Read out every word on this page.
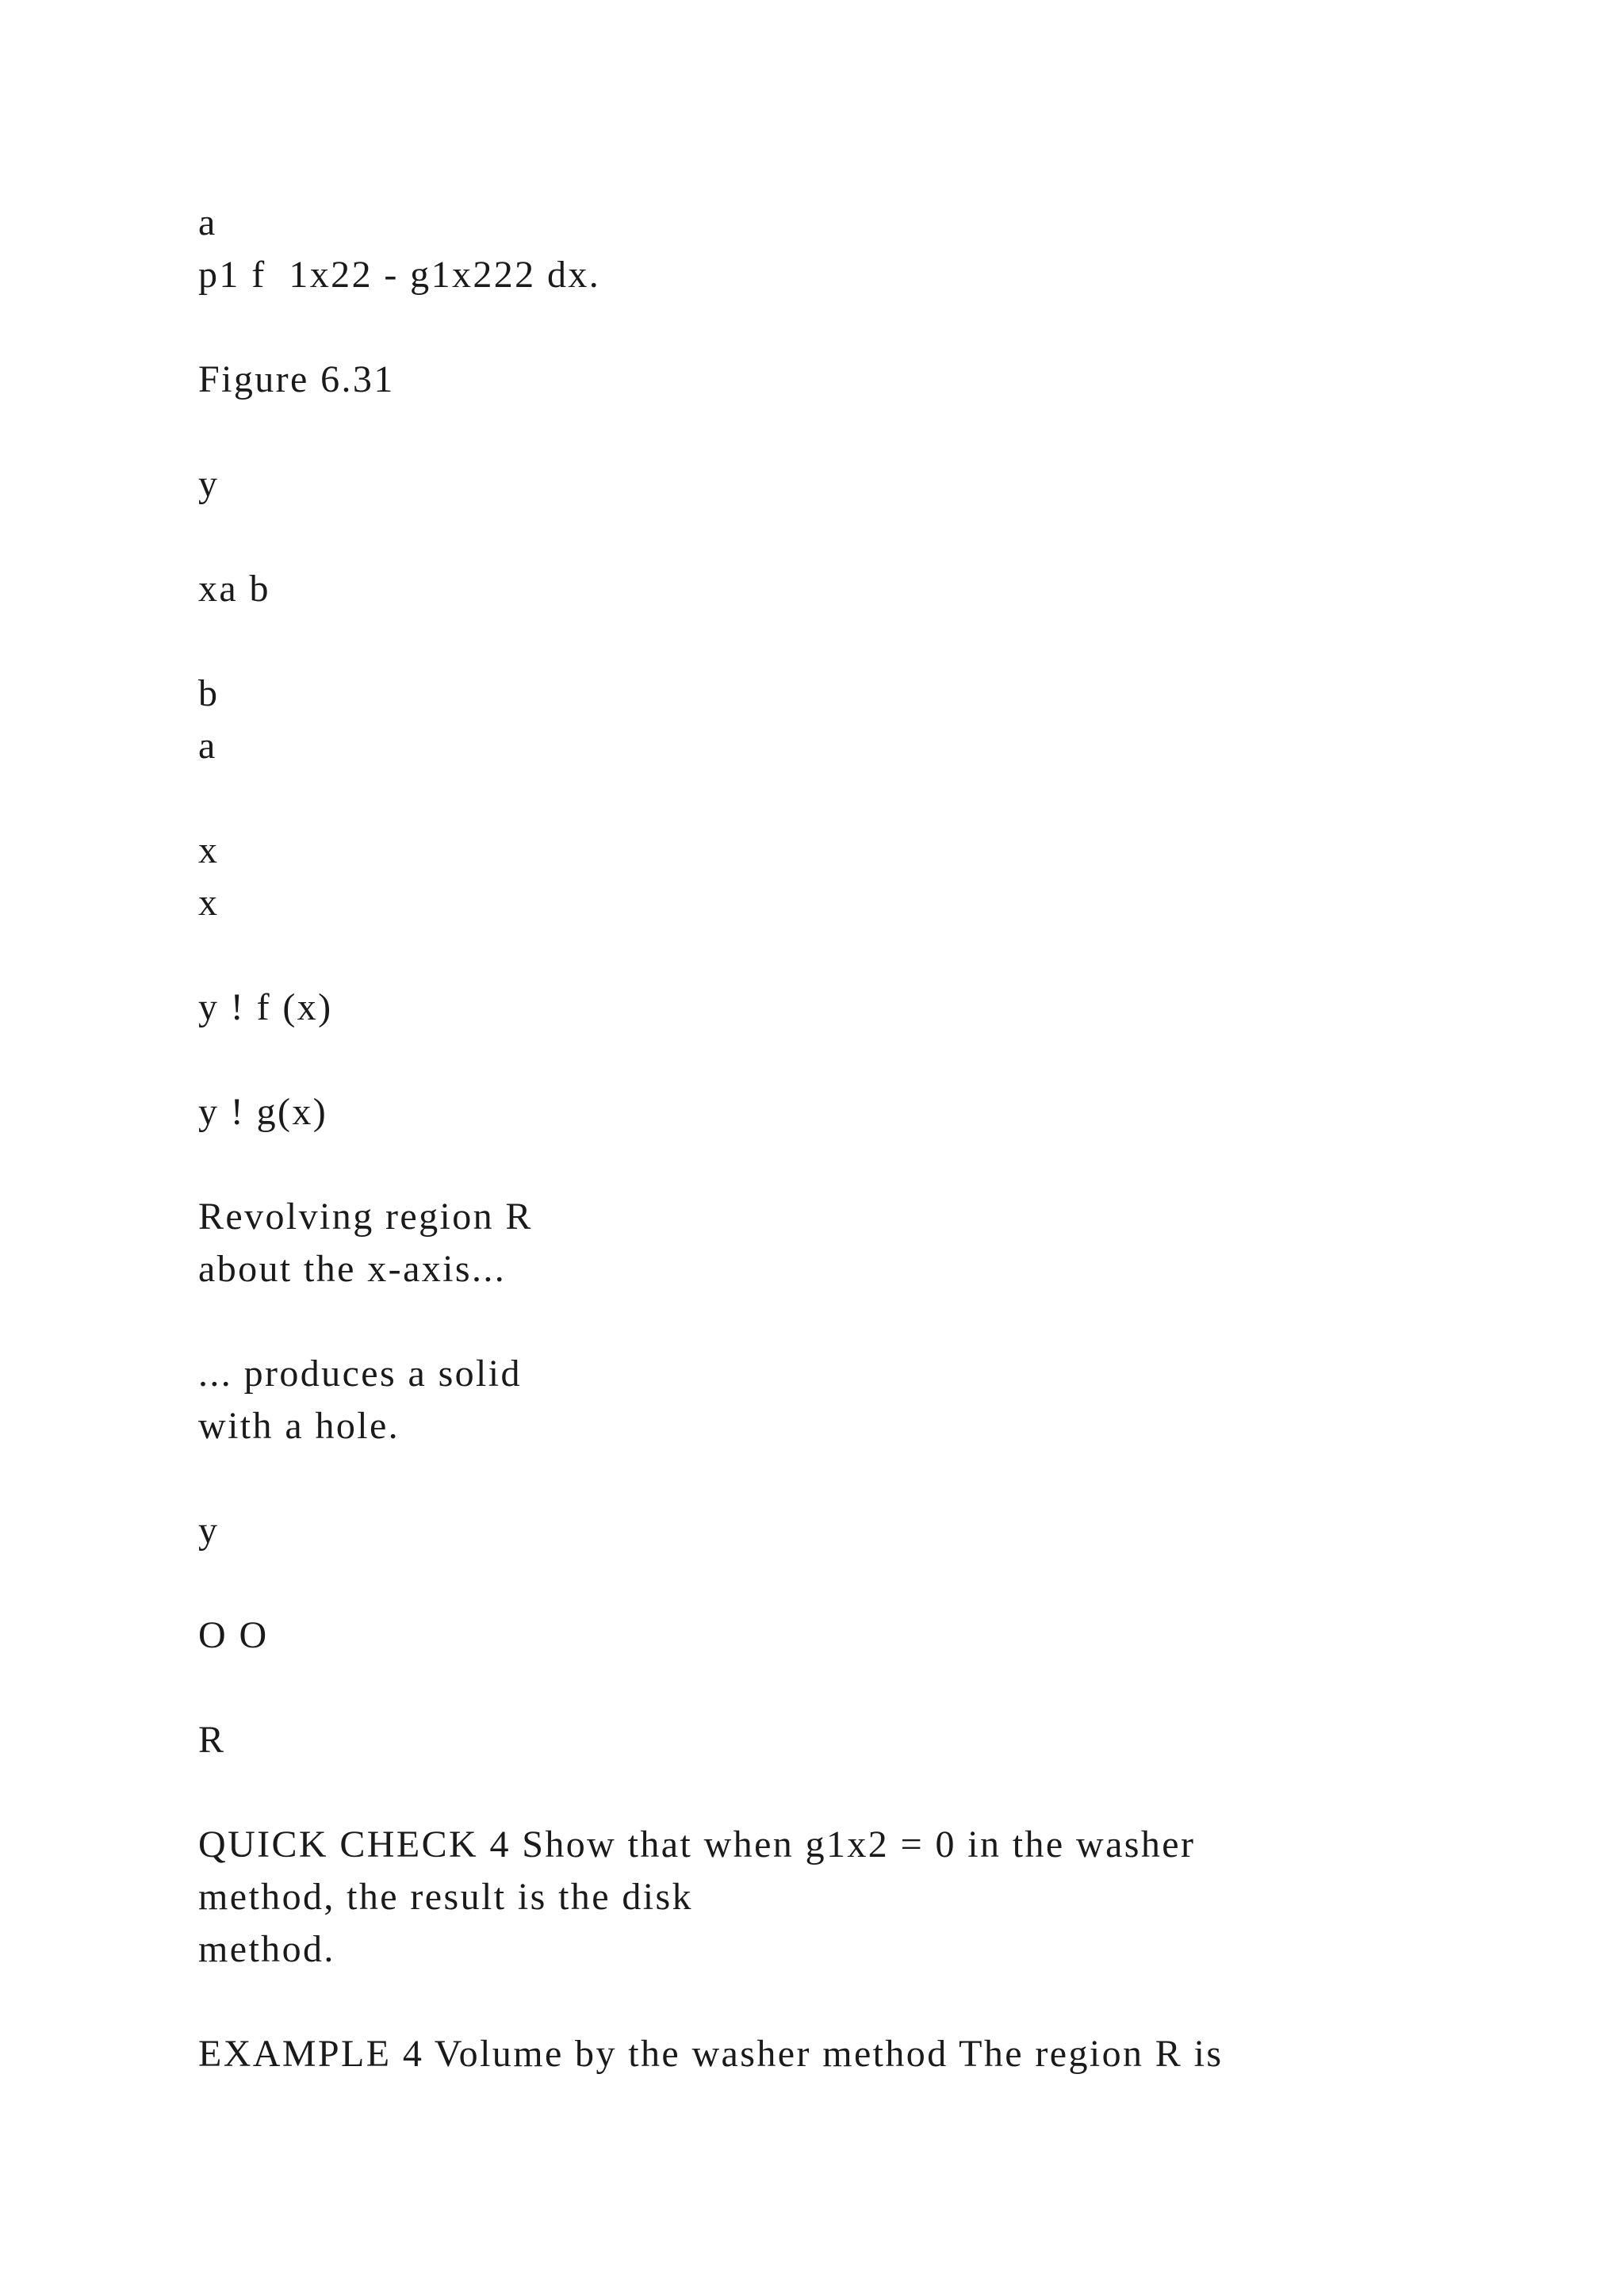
a

p1 f  1x22 - g1x222 dx.

Figure 6.31

y

xa b

b

a

x

x

y ! f (x)

y ! g(x)

Revolving region R

about the x-axis...

... produces a solid

with a hole.

y

O O

R

QUICK CHECK 4 Show that when g1x2 = 0 in the washer

method, the result is the disk

method.

EXAMPLE 4 Volume by the washer method The region R is
